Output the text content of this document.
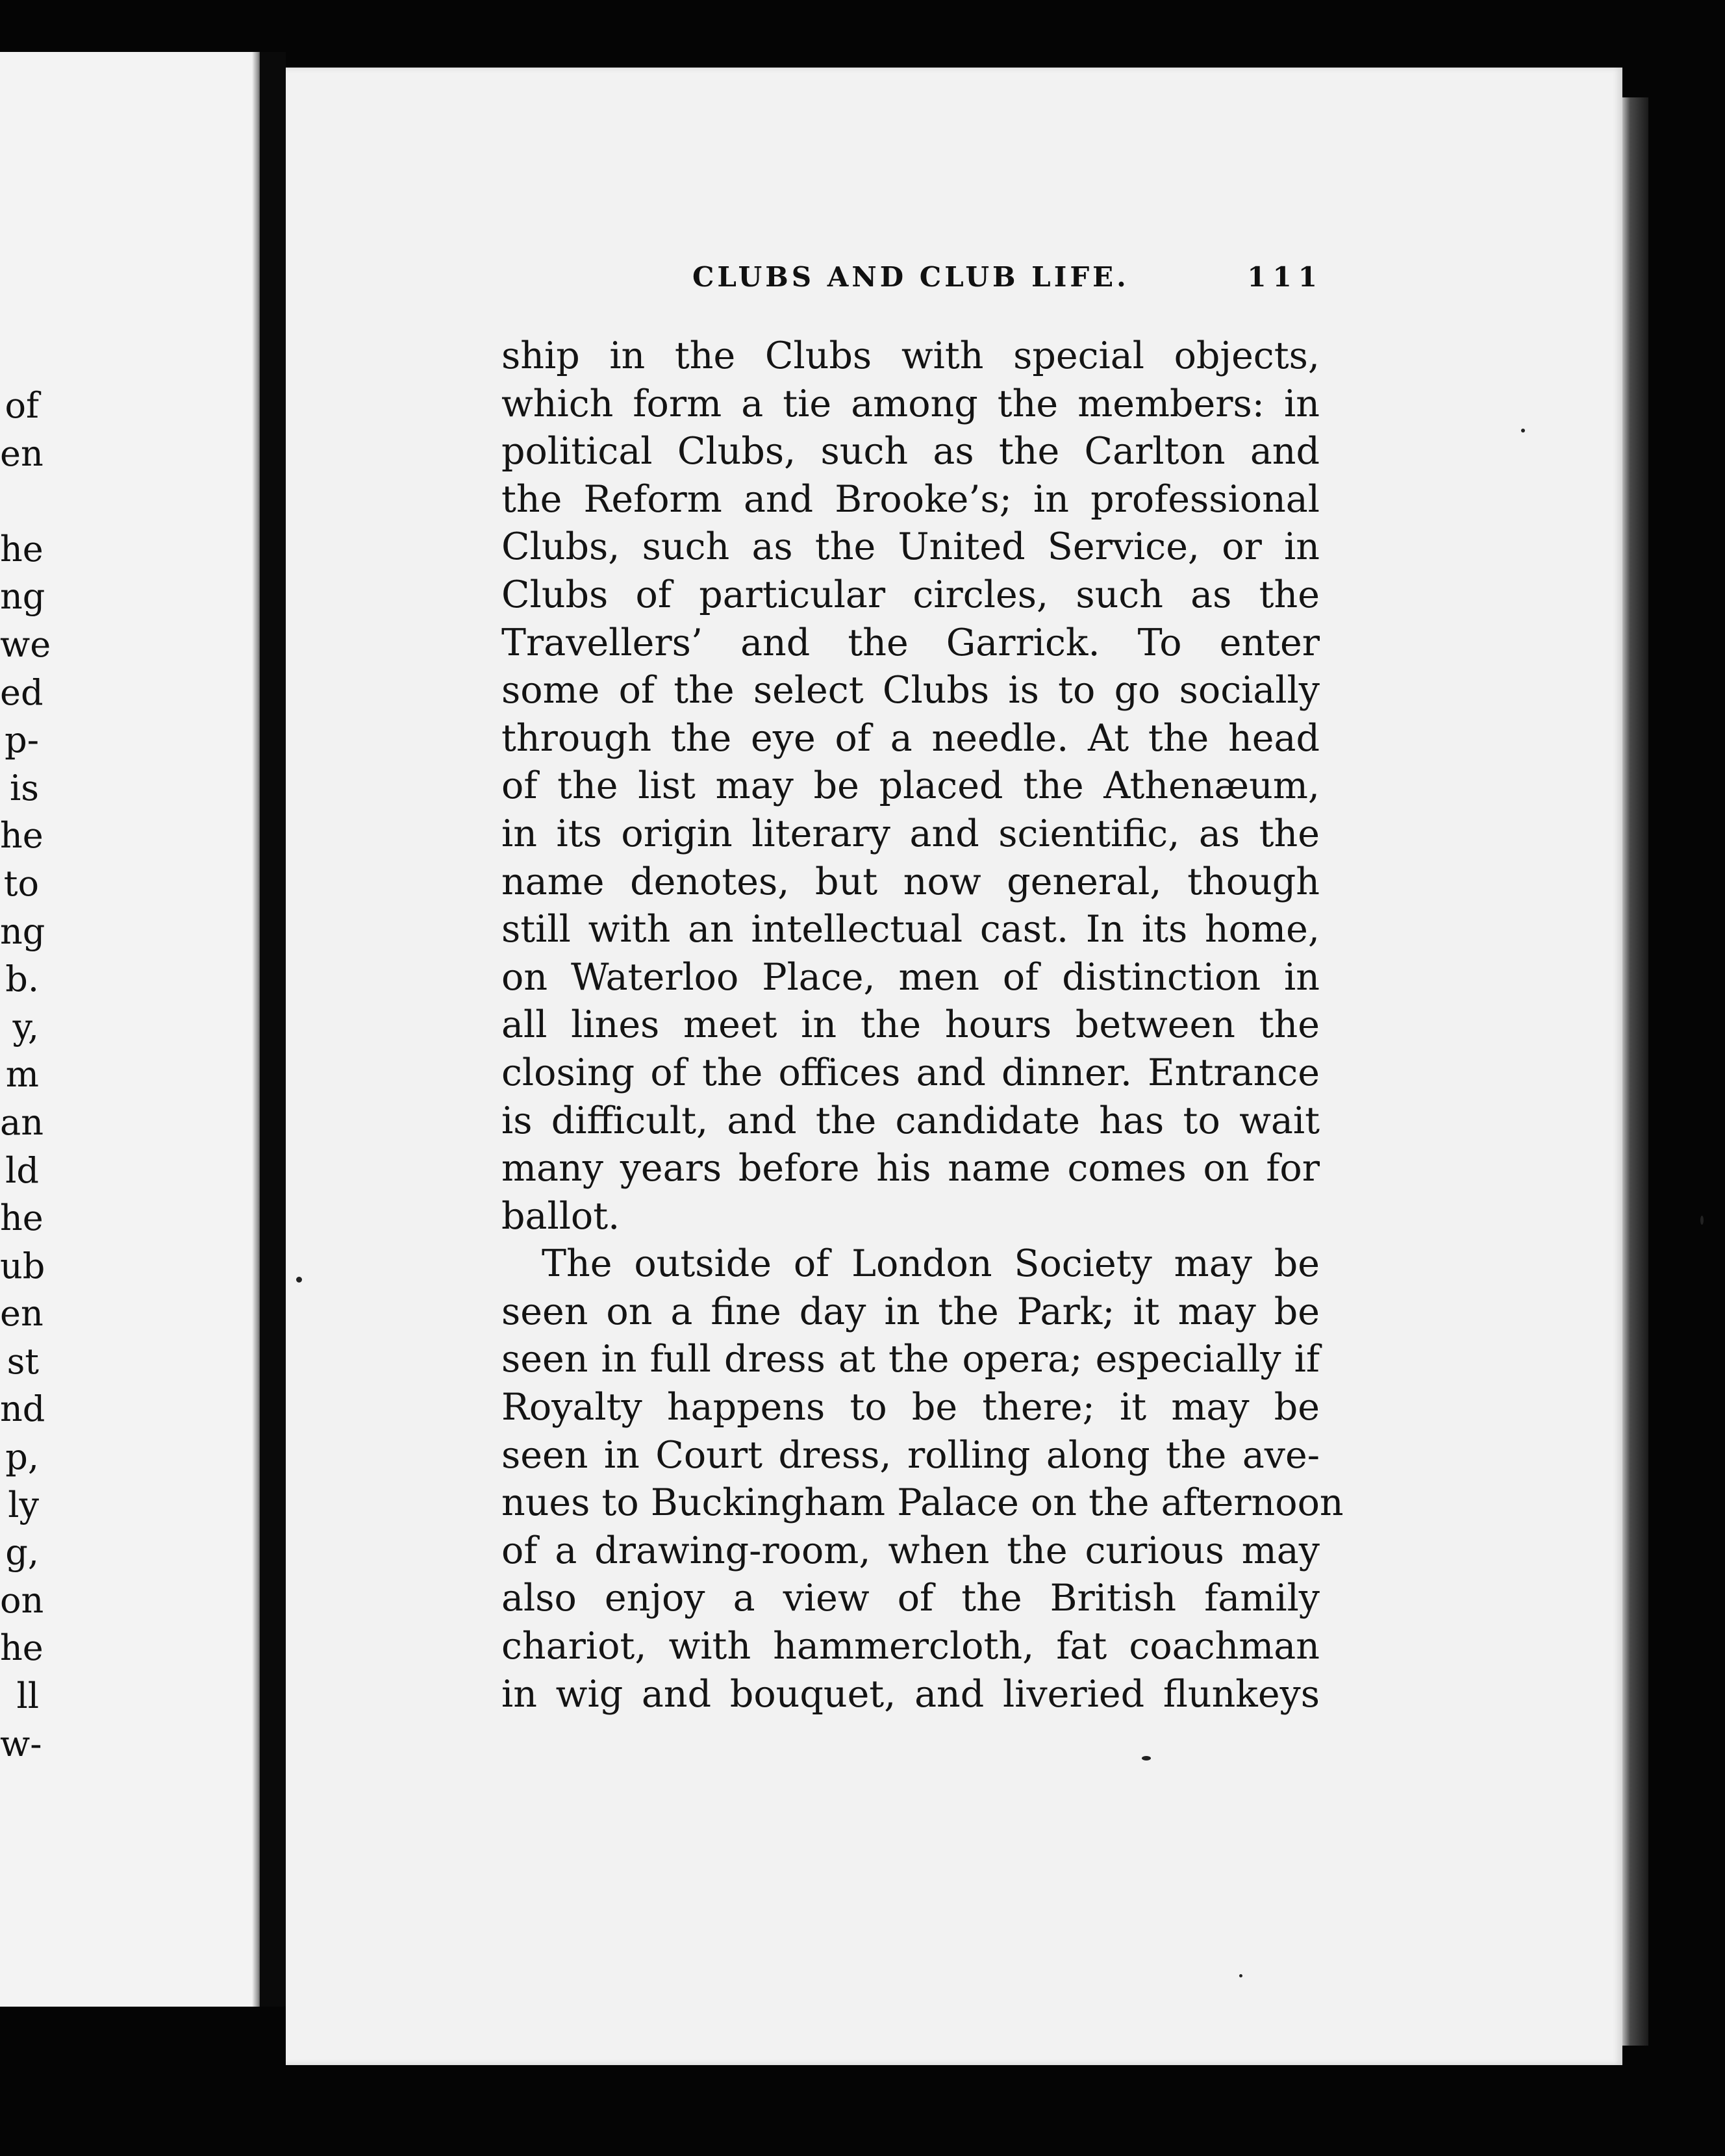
of
en
he
ng
we
ed
p-
is
he
to
ng
b.
y,
m
an
ld
he
ub
en
st
nd
p,
ly
g,
on
he
ll
w-
CLUBS AND CLUB LIFE.	111
ship in the Clubs with special objects,
which form a tie among the members: in
political Clubs, such as the Carlton and
the Reform and Brooke’s; in professional
Clubs, such as the United Service, or in
Clubs of particular circles, such as the
Travellers’ and the Garrick. To enter
some of the select Clubs is to go socially
through the eye of a needle. At the head
of the list may be placed the Athenæum,
in its origin literary and scientific, as the
name denotes, but now general, though
still with an intellectual cast. In its home,
on Waterloo Place, men of distinction in
all lines meet in the hours between the
closing of the offices and dinner. Entrance
is difficult, and the candidate has to wait
many years before his name comes on for
ballot.
The outside of London Society may be
seen on a fine day in the Park; it may be
seen in full dress at the opera; especially if
Royalty happens to be there; it may be
seen in Court dress, rolling along the ave-
nues to Buckingham Palace on the afternoon
of a drawing-room, when the curious may
also enjoy a view of the British family
chariot, with hammercloth, fat coachman
in wig and bouquet, and liveried flunkeys
